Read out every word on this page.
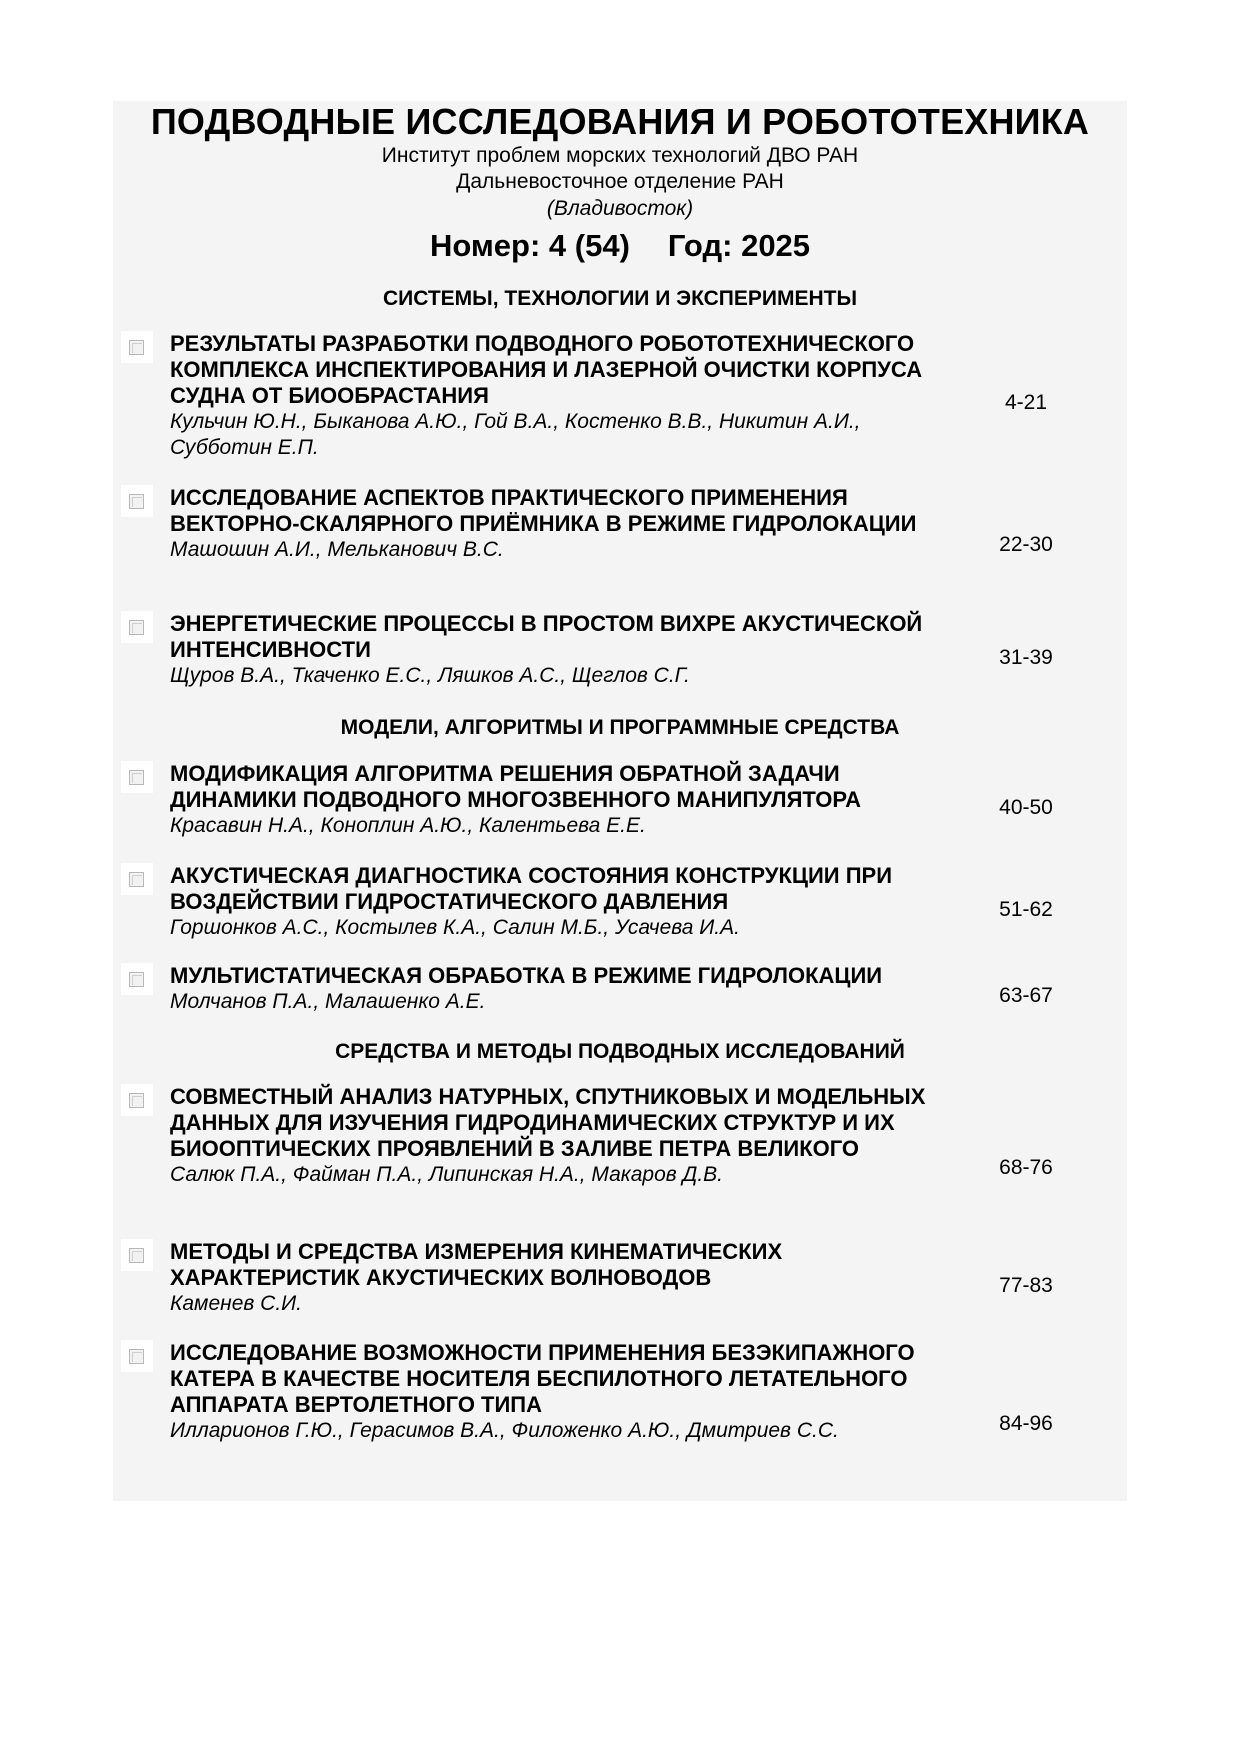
ПОДВОДНЫЕ ИССЛЕДОВАНИЯ И РОБОТОТЕХНИКА
Институт проблем морских технологий ДВО РАН
Дальневосточное отделение РАН
(Владивосток)
Номер: 4 (54) Год: 2025
СИСТЕМЫ, ТЕХНОЛОГИИ И ЭКСПЕРИМЕНТЫ
РЕЗУЛЬТАТЫ РАЗРАБОТКИ ПОДВОДНОГО РОБОТОТЕХНИЧЕСКОГО КОМПЛЕКСА ИНСПЕКТИРОВАНИЯ И ЛАЗЕРНОЙ ОЧИСТКИ КОРПУСА СУДНА ОТ БИООБРАСТАНИЯ
Кульчин Ю.Н., Быканова А.Ю., Гой В.А., Костенко В.В., Никитин А.И., Субботин Е.П.
4-21
ИССЛЕДОВАНИЕ АСПЕКТОВ ПРАКТИЧЕСКОГО ПРИМЕНЕНИЯ ВЕКТОРНО-СКАЛЯРНОГО ПРИЁМНИКА В РЕЖИМЕ ГИДРОЛОКАЦИИ
Машошин А.И., Мельканович В.С.	22-30
ЭНЕРГЕТИЧЕСКИЕ ПРОЦЕССЫ В ПРОСТОМ ВИХРЕ АКУСТИЧЕСКОЙ ИНТЕНСИВНОСТИ
Щуров В.А., Ткаченко Е.С., Ляшков А.С., Щеглов С.Г.
31-39
МОДЕЛИ, АЛГОРИТМЫ И ПРОГРАММНЫЕ СРЕДСТВА
МОДИФИКАЦИЯ АЛГОРИТМА РЕШЕНИЯ ОБРАТНОЙ ЗАДАЧИ ДИНАМИКИ ПОДВОДНОГО МНОГОЗВЕННОГО МАНИПУЛЯТОРА
Красавин Н.А., Коноплин А.Ю., Калентьева Е.Е.
40-50
АКУСТИЧЕСКАЯ ДИАГНОСТИКА СОСТОЯНИЯ КОНСТРУКЦИИ ПРИ ВОЗДЕЙСТВИИ ГИДРОСТАТИЧЕСКОГО ДАВЛЕНИЯ
Горшонков А.С., Костылев К.А., Салин М.Б., Усачева И.А.
51-62
МУЛЬТИСТАТИЧЕСКАЯ ОБРАБОТКА В РЕЖИМЕ ГИДРОЛОКАЦИИ
Молчанов П.А., Малашенко А.Е.	63-67
СРЕДСТВА И МЕТОДЫ ПОДВОДНЫХ ИССЛЕДОВАНИЙ
СОВМЕСТНЫЙ АНАЛИЗ НАТУРНЫХ, СПУТНИКОВЫХ И МОДЕЛЬНЫХ ДАННЫХ ДЛЯ ИЗУЧЕНИЯ ГИДРОДИНАМИЧЕСКИХ СТРУКТУР И ИХ БИООПТИЧЕСКИХ ПРОЯВЛЕНИЙ В ЗАЛИВЕ ПЕТРА ВЕЛИКОГО
Салюк П.А., Файман П.А., Липинская Н.А., Макаров Д.В.	68-76
МЕТОДЫ И СРЕДСТВА ИЗМЕРЕНИЯ КИНЕМАТИЧЕСКИХ ХАРАКТЕРИСТИК АКУСТИЧЕСКИХ ВОЛНОВОДОВ
Каменев С.И.
77-83
ИССЛЕДОВАНИЕ ВОЗМОЖНОСТИ ПРИМЕНЕНИЯ БЕЗЭКИПАЖНОГО КАТЕРА В КАЧЕСТВЕ НОСИТЕЛЯ БЕСПИЛОТНОГО ЛЕТАТЕЛЬНОГО АППАРАТА ВЕРТОЛЕТНОГО ТИПА
Илларионов Г.Ю., Герасимов В.А., Филоженко А.Ю., Дмитриев С.С.	84-96
